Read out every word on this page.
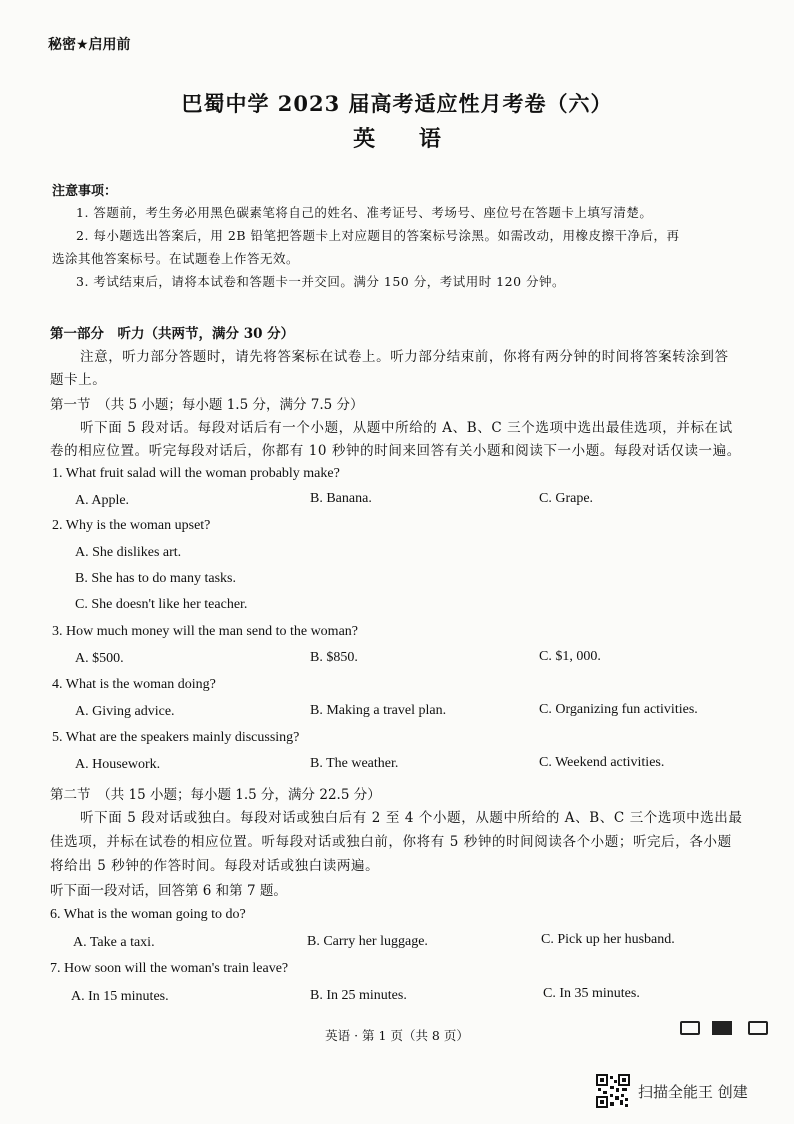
秘密★启用前
巴蜀中学 2023 届高考适应性月考卷（六）
英 语
注意事项：
1. 答题前，考生务必用黑色碳素笔将自己的姓名、准考证号、考场号、座位号在答题卡上填写清楚。
2. 每小题选出答案后，用 2B 铅笔把答题卡上对应题目的答案标号涂黑。如需改动，用橡皮擦干净后，再
选涂其他答案标号。在试题卷上作答无效。
3. 考试结束后，请将本试卷和答题卡一并交回。满分 150 分，考试用时 120 分钟。
第一部分　听力（共两节，满分 30 分）
注意，听力部分答题时，请先将答案标在试卷上。听力部分结束前，你将有两分钟的时间将答案转涂到答
题卡上。
第一节　（共 5 小题；每小题 1.5 分，满分 7.5 分）
听下面 5 段对话。每段对话后有一个小题，从题中所给的 A、B、C 三个选项中选出最佳选项，并标在试
卷的相应位置。听完每段对话后，你都有 10 秒钟的时间来回答有关小题和阅读下一小题。每段对话仅读一遍。
1. What fruit salad will the woman probably make?
A. Apple.	B. Banana.	C. Grape.
2. Why is the woman upset?
A. She dislikes art.
B. She has to do many tasks.
C. She doesn't like her teacher.
3. How much money will the man send to the woman?
A. $500.	B. $850.	C. $1, 000.
4. What is the woman doing?
A. Giving advice.	B. Making a travel plan.	C. Organizing fun activities.
5. What are the speakers mainly discussing?
A. Housework.	B. The weather.	C. Weekend activities.
第二节　（共 15 小题；每小题 1.5 分，满分 22.5 分）
听下面 5 段对话或独白。每段对话或独白后有 2 至 4 个小题，从题中所给的 A、B、C 三个选项中选出最
佳选项，并标在试卷的相应位置。听每段对话或独白前，你将有 5 秒钟的时间阅读各个小题；听完后，各小题
将给出 5 秒钟的作答时间。每段对话或独白读两遍。
听下面一段对话，回答第 6 和第 7 题。
6. What is the woman going to do?
A. Take a taxi.	B. Carry her luggage.	C. Pick up her husband.
7. How soon will the woman's train leave?
A. In 15 minutes.	B. In 25 minutes.	C. In 35 minutes.
英语 · 第 1 页（共 8 页）
扫描全能王 创建
